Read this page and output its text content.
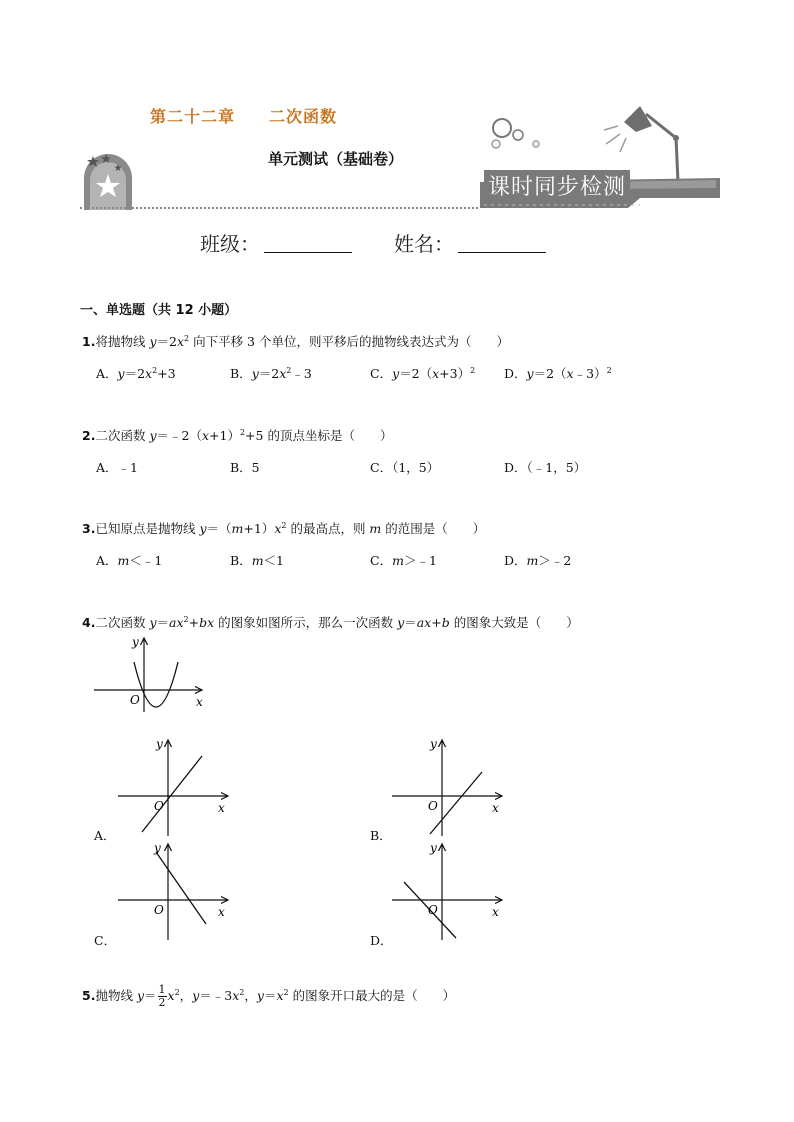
第二十二章　　 二次函数
单元测试（基础卷）
课时同步检测
班级：	姓名：
一、单选题（共 12 小题）
1.将抛物线 $y=2x^2$ 向下平移 3 个单位，则平移后的抛物线表达式为（　　）
A．$y=2x^2+3$	B．$y=2x^2﹣3$	C．$y=2(x+3)^2$ D．y＝2（x﹣3）$^2$
2.二次函数 $y=﹣2(x+1)^2+5$ 的顶点坐标是（　　）
A．﹣1	B．5	C．（1，5）	D．（﹣1，5）
3.已知原点是抛物线 $y=(m+1)x^2$ 的最高点，则 m 的范围是（　　）
A．m＜﹣1	B．m＜1	C．m＞﹣1	D．m＞﹣2
4.二次函数 $y=ax^2+bx$ 的图象如图所示，那么一次函数 y＝ax+b 的图象大致是（　　）
y
x
O
y
x
O
A．
y
x
O
B．
y
x
O
C．
y
x
O
D．
5.抛物线 $y= \frac{1}{2} x^2$，$y=﹣3x^2$，$y=x^2$ 的图象开口最大的是（　　）
